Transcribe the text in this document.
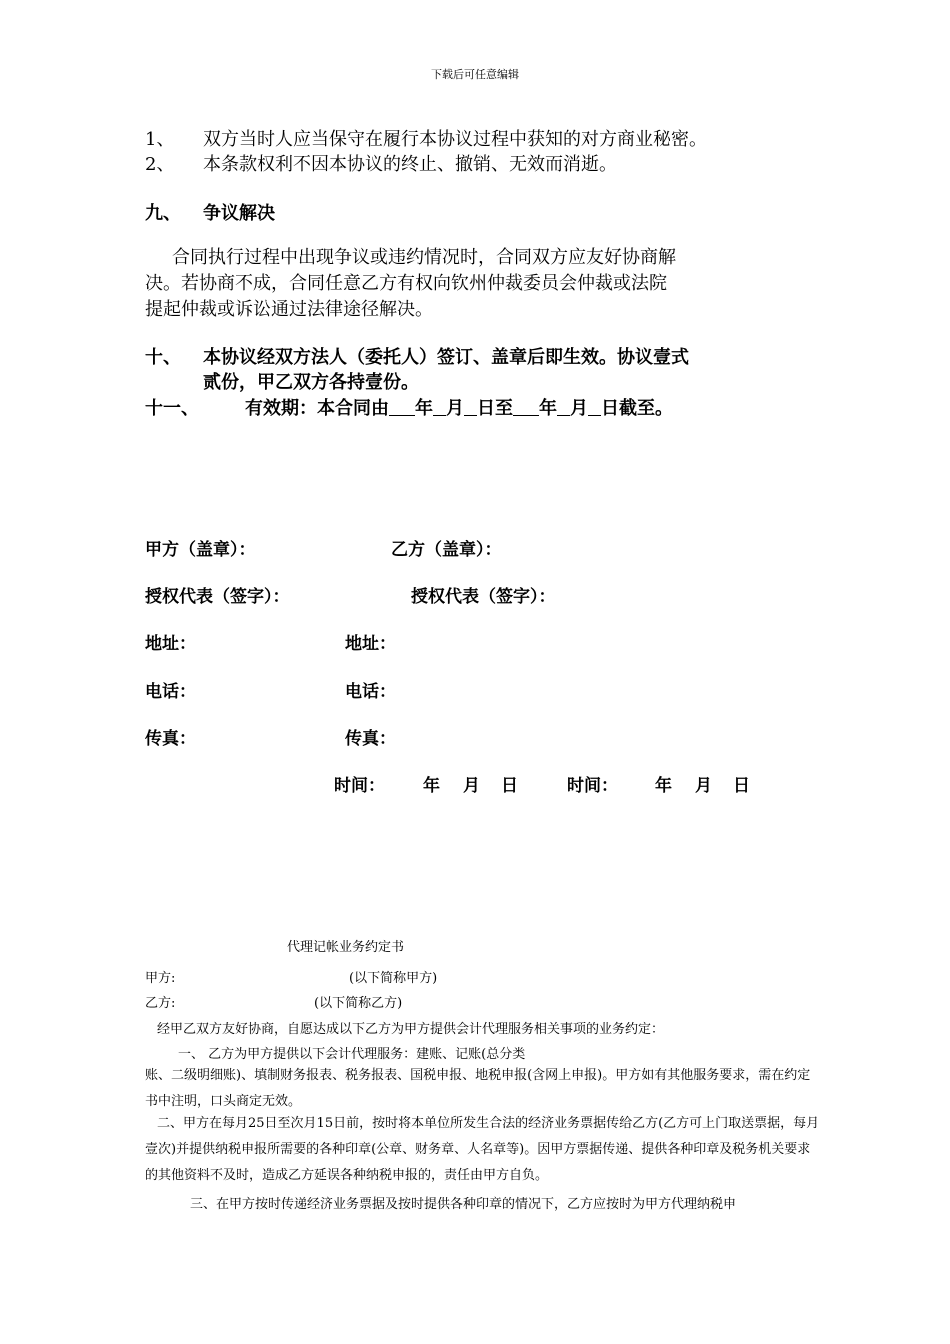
下载后可任意编辑
1、 双方当时人应当保守在履行本协议过程中获知的对方商业秘密。
2、 本条款权利不因本协议的终止、撤销、无效而消逝。
九、 争议解决
合同执行过程中出现争议或违约情况时，合同双方应友好协商解
决。若协商不成，合同任意乙方有权向钦州仲裁委员会仲裁或法院
提起仲裁或诉讼通过法律途径解决。
十、 本协议经双方法人（委托人）签订、盖章后即生效。协议壹式
贰份，甲乙双方各持壹份。
十一、	有效期：本合同由 年 月 日至 年 月 日截至。
甲方（盖章）：	乙方（盖章）：
授权代表（签字）：	授权代表（签字）：
地址：	地址：
电话：	电话：
传真：	传真：
时间： 年 月 日	时间： 年 月 日
代理记帐业务约定书
甲方:	(以下简称甲方)
乙方:	(以下简称乙方)
经甲乙双方友好协商，自愿达成以下乙方为甲方提供会计代理服务相关事项的业务约定：
一、 乙方为甲方提供以下会计代理服务：建账、记账(总分类
账、二级明细账)、填制财务报表、税务报表、国税申报、地税申报(含网上申报)。甲方如有其他服务要求，需在约定书中注明，口头商定无效。
二、甲方在每月25日至次月15日前，按时将本单位所发生合法的经济业务票据传给乙方(乙方可上门取送票据，每月壹次)并提供纳税申报所需要的各种印章(公章、财务章、人名章等)。因甲方票据传递、提供各种印章及税务机关要求的其他资料不及时，造成乙方延误各种纳税申报的，责任由甲方自负。
三、在甲方按时传递经济业务票据及按时提供各种印章的情况下，乙方应按时为甲方代理纳税申
